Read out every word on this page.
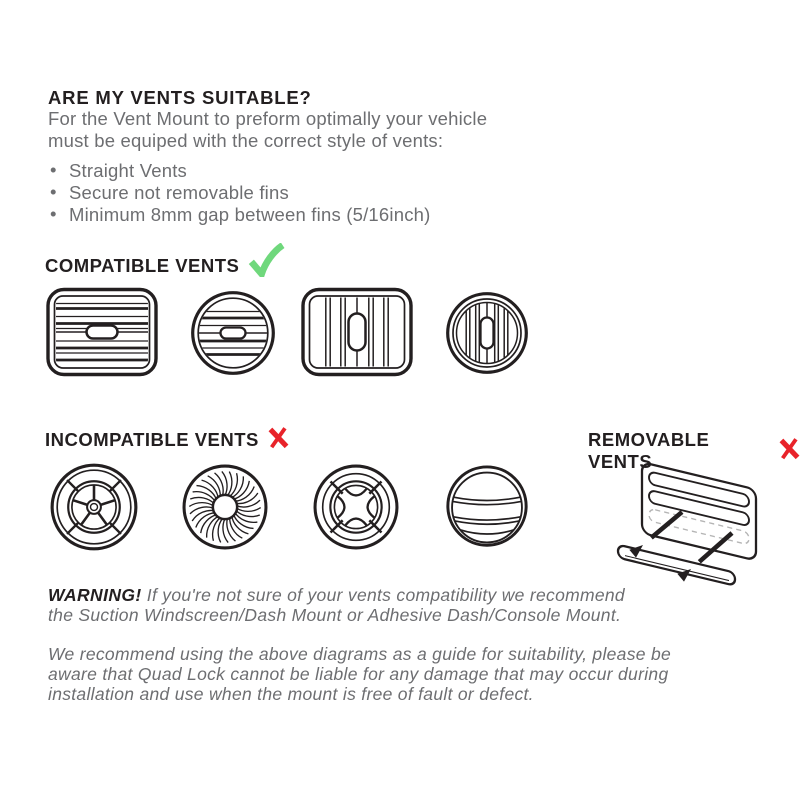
ARE MY VENTS SUITABLE?

For the Vent Mount to preform optimally your vehicle
must be equiped with the correct style of vents:

• Straight Vents
• Secure not removable fins
• Minimum 8mm gap between fins (5/16inch)
COMPATIBLE VENTS
INCOMPATIBLE VENTS	REMOVABLE VENTS

WARNING! If you're not sure of your vents compatibility we recommend
the Suction Windscreen/Dash Mount or Adhesive Dash/Console Mount.

We recommend using the above diagrams as a guide for suitability, please be
aware that Quad Lock cannot be liable for any damage that may occur during
installation and use when the mount is free of fault or defect.
